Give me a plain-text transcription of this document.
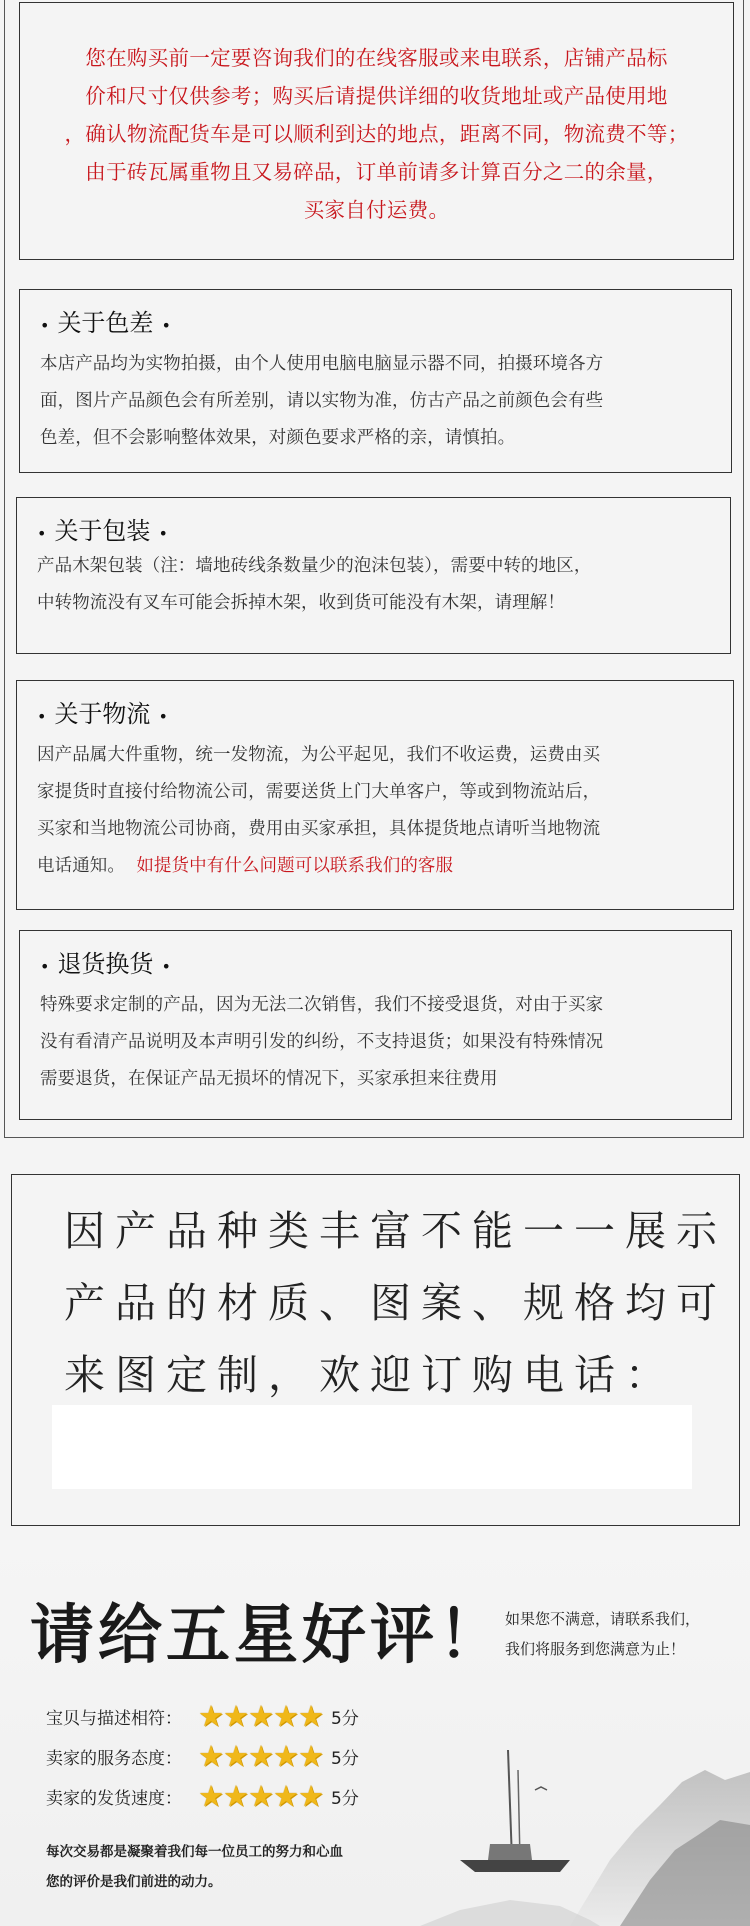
您在购买前一定要咨询我们的在线客服或来电联系，店铺产品标

价和尺寸仅供参考；购买后请提供详细的收货地址或产品使用地

，确认物流配货车是可以顺利到达的地点，距离不同，物流费不等；

由于砖瓦属重物且又易碎品，订单前请多计算百分之二的余量，

买家自付运费。

• 关于色差 •
本店产品均为实物拍摄，由个人使用电脑电脑显示器不同，拍摄环境各方
面，图片产品颜色会有所差别，请以实物为准，仿古产品之前颜色会有些
色差，但不会影响整体效果，对颜色要求严格的亲，请慎拍。
• 关于包装 •
产品木架包装（注：墙地砖线条数量少的泡沫包装），需要中转的地区，
中转物流没有叉车可能会拆掉木架，收到货可能没有木架，请理解！
• 关于物流 •
因产品属大件重物，统一发物流，为公平起见，我们不收运费，运费由买
家提货时直接付给物流公司，需要送货上门大单客户，等或到物流站后，
买家和当地物流公司协商，费用由买家承担，具体提货地点请听当地物流
电话通知。 如提货中有什么问题可以联系我们的客服
• 退货换货 •
特殊要求定制的产品，因为无法二次销售，我们不接受退货，对由于买家
没有看清产品说明及本声明引发的纠纷，不支持退货；如果没有特殊情况
需要退货，在保证产品无损坏的情况下，买家承担来往费用

因产品种类丰富不能一一展示

产品的材质、图案、规格均可

来图定制，欢迎订购电话：

请给五星好评！ 如果您不满意，请联系我们，

我们将服务到您满意为止！

宝贝与描述相符： ★ ★ ★ ★ ★ 5分
卖家的服务态度： ★ ★ ★ ★ ★ 5分
卖家的发货速度： ★ ★ ★ ★ ★ 5分
每次交易都是凝聚着我们每一位员工的努力和心血
您的评价是我们前进的动力。
